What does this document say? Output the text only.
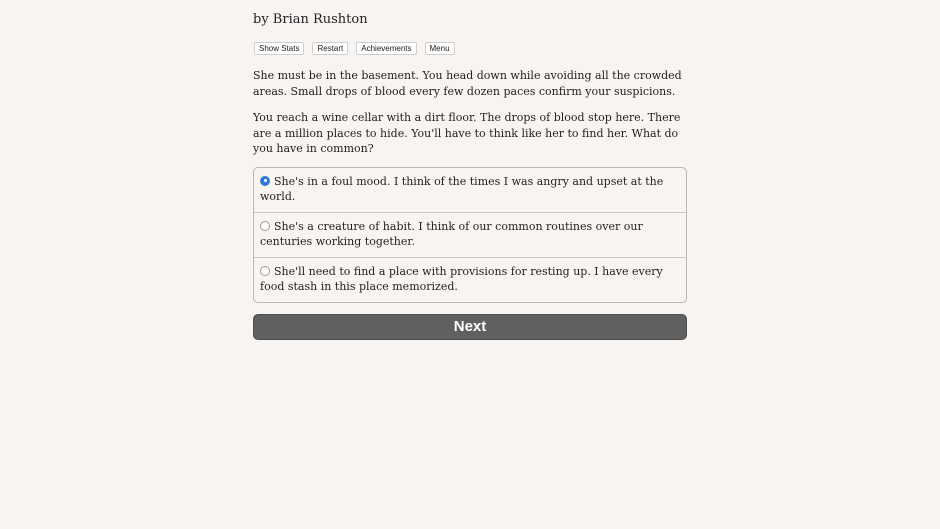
by Brian Rushton
Show Stats	Restart	Achievements	Menu

She must be in the basement. You head down while avoiding all the crowded areas. Small drops of blood every few dozen paces confirm your suspicions.

You reach a wine cellar with a dirt floor. The drops of blood stop here. There are a million places to hide. You'll have to think like her to find her. What do you have in common?

She's in a foul mood. I think of the times I was angry and upset at the world.
She's a creature of habit. I think of our common routines over our centuries working together.
She'll need to find a place with provisions for resting up. I have every food stash in this place memorized.
Next
